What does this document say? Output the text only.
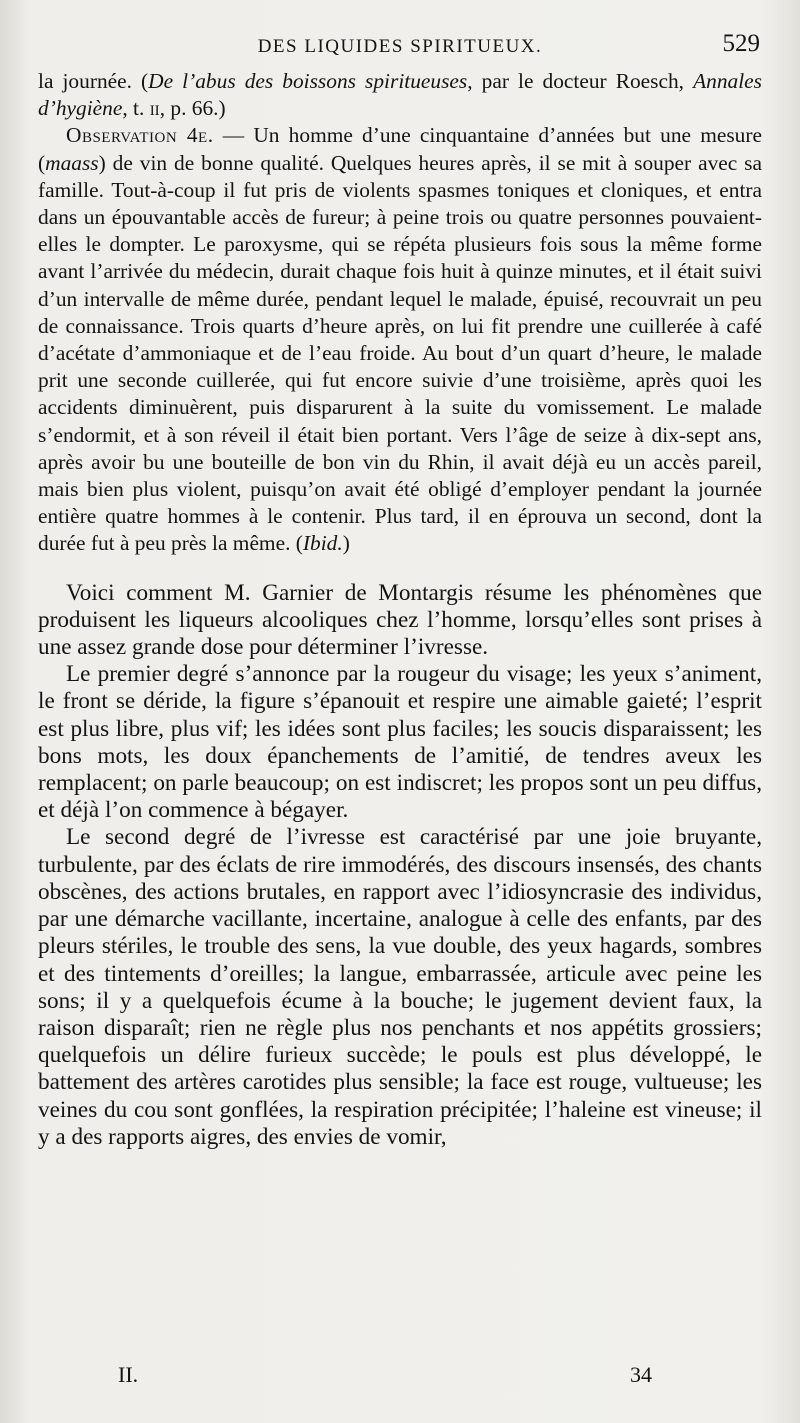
DES LIQUIDES SPIRITUEUX.	529

la journée. (De l’abus des boissons spiritueuses, par le docteur Roesch, Annales d’hygiène, t. ii, p. 66.)

Observation 4e. — Un homme d’une cinquantaine d’années but une mesure (maass) de vin de bonne qualité. Quelques heures après, il se mit à souper avec sa famille. Tout-à-coup il fut pris de violents spasmes toniques et cloniques, et entra dans un épouvantable accès de fureur; à peine trois ou quatre personnes pouvaient-elles le dompter. Le paroxysme, qui se répéta plusieurs fois sous la même forme avant l’arrivée du médecin, durait chaque fois huit à quinze minutes, et il était suivi d’un intervalle de même durée, pendant lequel le malade, épuisé, recouvrait un peu de connaissance. Trois quarts d’heure après, on lui fit prendre une cuillerée à café d’acétate d’ammoniaque et de l’eau froide. Au bout d’un quart d’heure, le malade prit une seconde cuillerée, qui fut encore suivie d’une troisième, après quoi les accidents diminuèrent, puis disparurent à la suite du vomissement. Le malade s’endormit, et à son réveil il était bien portant. Vers l’âge de seize à dix-sept ans, après avoir bu une bouteille de bon vin du Rhin, il avait déjà eu un accès pareil, mais bien plus violent, puisqu’on avait été obligé d’employer pendant la journée entière quatre hommes à le contenir. Plus tard, il en éprouva un second, dont la durée fut à peu près la même. (Ibid.)

Voici comment M. Garnier de Montargis résume les phénomènes que produisent les liqueurs alcooliques chez l’homme, lorsqu’elles sont prises à une assez grande dose pour déterminer l’ivresse.

Le premier degré s’annonce par la rougeur du visage; les yeux s’animent, le front se déride, la figure s’épanouit et respire une aimable gaieté; l’esprit est plus libre, plus vif; les idées sont plus faciles; les soucis disparaissent; les bons mots, les doux épanchements de l’amitié, de tendres aveux les remplacent; on parle beaucoup; on est indiscret; les propos sont un peu diffus, et déjà l’on commence à bégayer.

Le second degré de l’ivresse est caractérisé par une joie bruyante, turbulente, par des éclats de rire immodérés, des discours insensés, des chants obscènes, des actions brutales, en rapport avec l’idiosyncrasie des individus, par une démarche vacillante, incertaine, analogue à celle des enfants, par des pleurs stériles, le trouble des sens, la vue double, des yeux hagards, sombres et des tintements d’oreilles; la langue, embarrassée, articule avec peine les sons; il y a quelquefois écume à la bouche; le jugement devient faux, la raison disparaît; rien ne règle plus nos penchants et nos appétits grossiers; quelquefois un délire furieux succède; le pouls est plus développé, le battement des artères carotides plus sensible; la face est rouge, vultueuse; les veines du cou sont gonflées, la respiration précipitée; l’haleine est vineuse; il y a des rapports aigres, des envies de vomir,

II.	34
